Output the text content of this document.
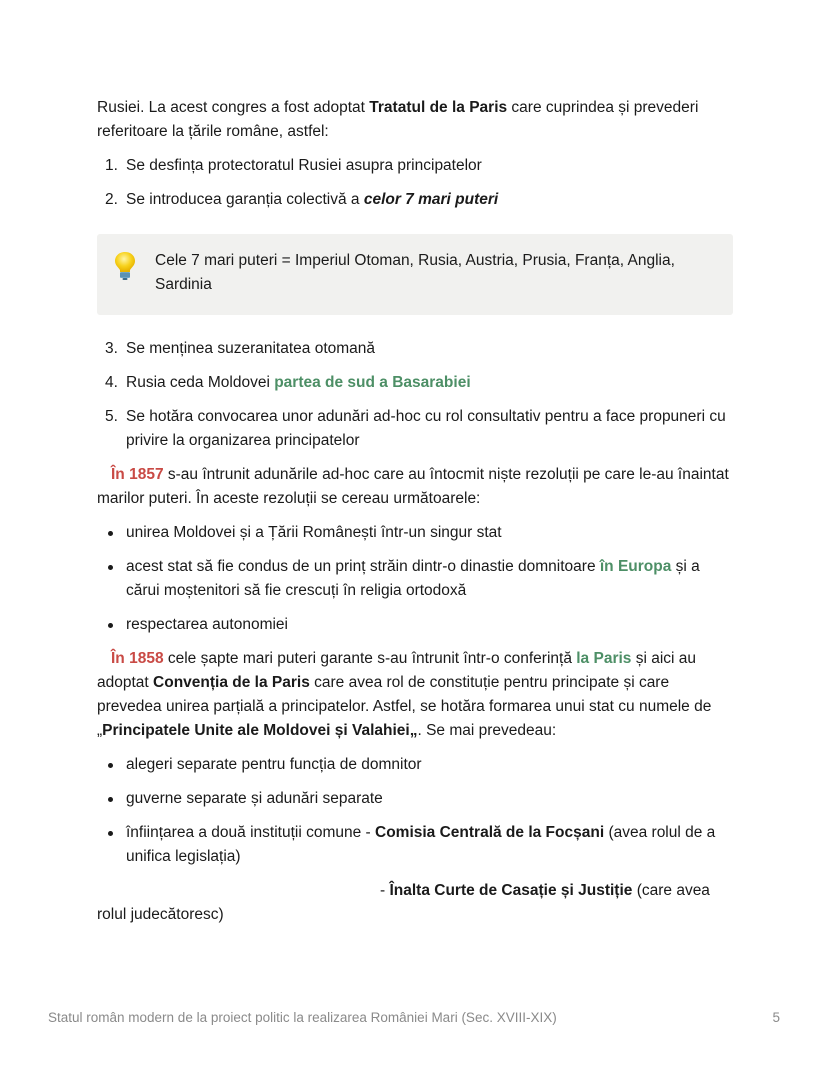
Rusiei. La acest congres a fost adoptat Tratatul de la Paris care cuprindea și prevederi referitoare la țările române, astfel:

1. Se desfința protectoratul Rusiei asupra principatelor
2. Se introducea garanția colectivă a celor 7 mari puteri

Cele 7 mari puteri = Imperiul Otoman, Rusia, Austria, Prusia, Franța, Anglia, Sardinia

3. Se menținea suzeranitatea otomană
4. Rusia ceda Moldovei partea de sud a Basarabiei
5. Se hotăra convocarea unor adunări ad-hoc cu rol consultativ pentru a face propuneri cu privire la organizarea principatelor

În 1857 s-au întrunit adunările ad-hoc care au întocmit niște rezoluții pe care le-au înaintat marilor puteri. În aceste rezoluții se cereau următoarele:

unirea Moldovei și a Țării Românești într-un singur stat
acest stat să fie condus de un prinț străin dintr-o dinastie domnitoare în Europa și a cărui moștenitori să fie crescuți în religia ortodoxă
respectarea autonomiei

În 1858 cele șapte mari puteri garante s-au întrunit într-o conferință la Paris și aici au adoptat Convenția de la Paris care avea rol de constituție pentru principate și care prevedea unirea parțială a principatelor. Astfel, se hotăra formarea unui stat cu numele de „Principatele Unite ale Moldovei și Valahiei„. Se mai prevedeau:

alegeri separate pentru funcția de domnitor
guverne separate și adunări separate
înființarea a două instituții comune - Comisia Centrală de la Focșani (avea rolul de a unifica legislația)

- Înalta Curte de Casație și Justiție (care avea rolul judecătoresc)

Statul român modern de la proiect politic la realizarea României Mari (Sec. XVIII-XIX)	5
